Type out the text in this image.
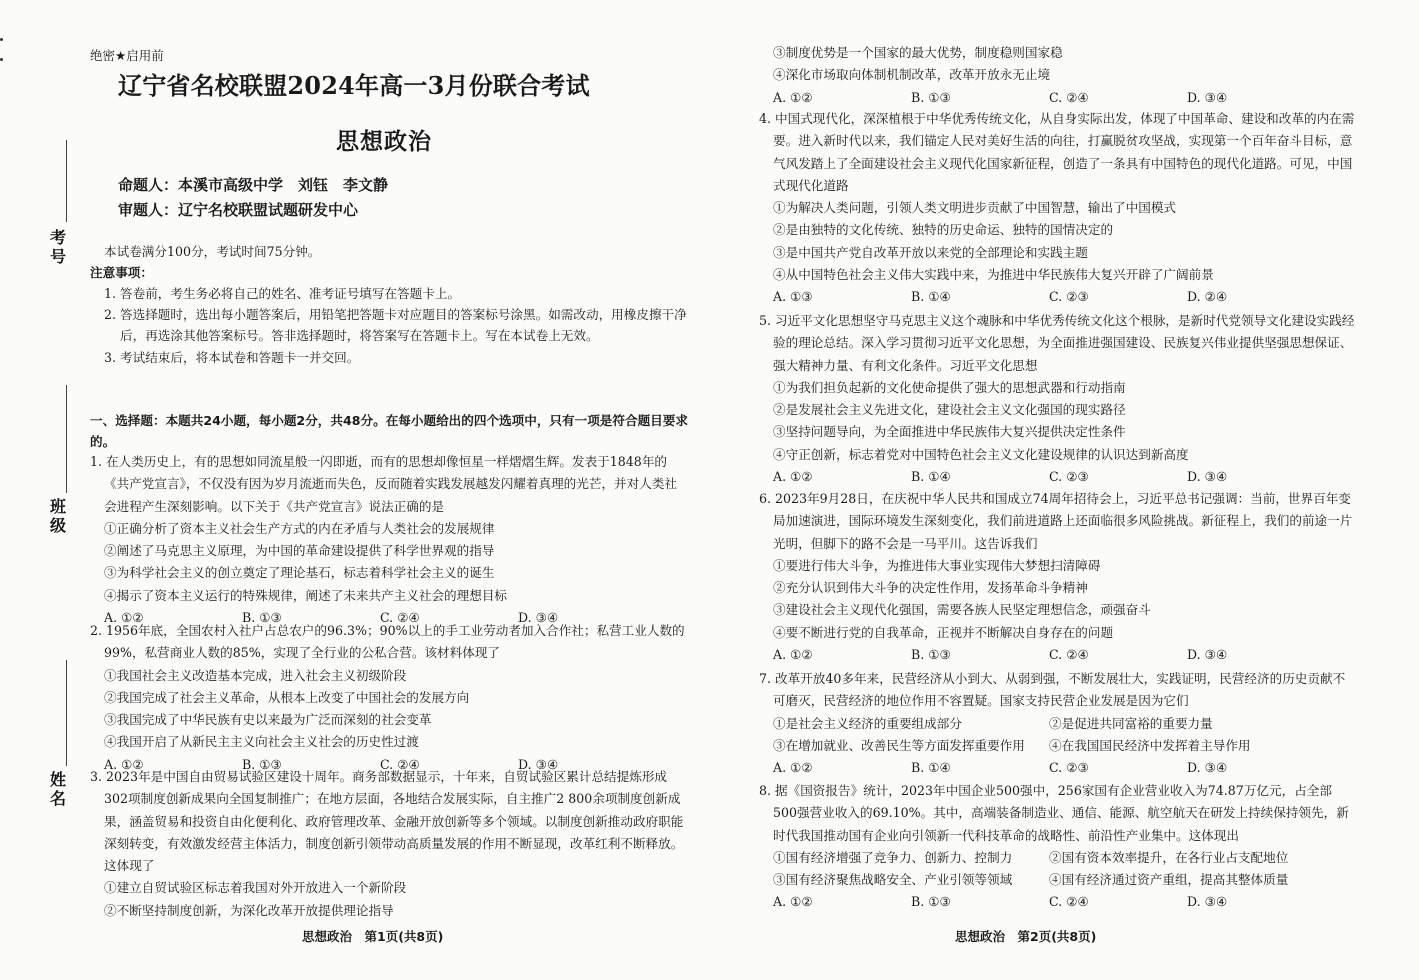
考号
班级
姓名
绝密★启用前
辽宁省名校联盟2024年高一3月份联合考试
思想政治
命题人：本溪市高级中学　刘钰　李文静
审题人：辽宁名校联盟试题研发中心
本试卷满分100分，考试时间75分钟。
注意事项：

1. 答卷前，考生务必将自己的姓名、准考证号填写在答题卡上。

2. 答选择题时，选出每小题答案后，用铅笔把答题卡对应题目的答案标号涂黑。如需改动，用橡皮擦干净后，再选涂其他答案标号。答非选择题时，将答案写在答题卡上。写在本试卷上无效。

3. 考试结束后，将本试卷和答题卡一并交回。

一、选择题：本题共24小题，每小题2分，共48分。在每小题给出的四个选项中，只有一项是符合题目要求的。

1. 在人类历史上，有的思想如同流星般一闪即逝，而有的思想却像恒星一样熠熠生辉。发表于1848年的《共产党宣言》，不仅没有因为岁月流逝而失色，反而随着实践发展越发闪耀着真理的光芒，并对人类社会进程产生深刻影响。以下关于《共产党宣言》说法正确的是

①正确分析了资本主义社会生产方式的内在矛盾与人类社会的发展规律

②阐述了马克思主义原理，为中国的革命建设提供了科学世界观的指导

③为科学社会主义的创立奠定了理论基石，标志着科学社会主义的诞生

④揭示了资本主义运行的特殊规律，阐述了未来共产主义社会的理想目标

A. ①②	B. ①③	C. ②④	D. ③④

2. 1956年底，全国农村入社户占总农户的96.3%；90%以上的手工业劳动者加入合作社；私营工业人数的99%，私营商业人数的85%，实现了全行业的公私合营。该材料体现了

①我国社会主义改造基本完成，进入社会主义初级阶段

②我国完成了社会主义革命，从根本上改变了中国社会的发展方向

③我国完成了中华民族有史以来最为广泛而深刻的社会变革

④我国开启了从新民主主义向社会主义社会的历史性过渡

A. ①②	B. ①③	C. ②④	D. ③④

3. 2023年是中国自由贸易试验区建设十周年。商务部数据显示，十年来，自贸试验区累计总结提炼形成302项制度创新成果向全国复制推广；在地方层面，各地结合发展实际，自主推广2 800余项制度创新成果，涵盖贸易和投资自由化便利化、政府管理改革、金融开放创新等多个领域。以制度创新推动政府职能深刻转变，有效激发经营主体活力，制度创新引领带动高质量发展的作用不断显现，改革红利不断释放。这体现了

①建立自贸试验区标志着我国对外开放进入一个新阶段

②不断坚持制度创新，为深化改革开放提供理论指导

思想政治　第1页(共8页)

③制度优势是一个国家的最大优势，制度稳则国家稳

④深化市场取向体制机制改革，改革开放永无止境

A. ①②	B. ①③	C. ②④	D. ③④

4. 中国式现代化，深深植根于中华优秀传统文化，从自身实际出发，体现了中国革命、建设和改革的内在需要。进入新时代以来，我们锚定人民对美好生活的向往，打赢脱贫攻坚战，实现第一个百年奋斗目标，意气风发踏上了全面建设社会主义现代化国家新征程，创造了一条具有中国特色的现代化道路。可见，中国式现代化道路

①为解决人类问题，引领人类文明进步贡献了中国智慧，输出了中国模式

②是由独特的文化传统、独特的历史命运、独特的国情决定的

③是中国共产党自改革开放以来党的全部理论和实践主题

④从中国特色社会主义伟大实践中来，为推进中华民族伟大复兴开辟了广阔前景

A. ①③	B. ①④	C. ②③	D. ②④

5. 习近平文化思想坚守马克思主义这个魂脉和中华优秀传统文化这个根脉，是新时代党领导文化建设实践经验的理论总结。深入学习贯彻习近平文化思想，为全面推进强国建设、民族复兴伟业提供坚强思想保证、强大精神力量、有利文化条件。习近平文化思想

①为我们担负起新的文化使命提供了强大的思想武器和行动指南

②是发展社会主义先进文化，建设社会主义文化强国的现实路径

③坚持问题导向，为全面推进中华民族伟大复兴提供决定性条件

④守正创新，标志着党对中国特色社会主义文化建设规律的认识达到新高度

A. ①②	B. ①④	C. ②③	D. ③④

6. 2023年9月28日，在庆祝中华人民共和国成立74周年招待会上，习近平总书记强调：当前，世界百年变局加速演进，国际环境发生深刻变化，我们前进道路上还面临很多风险挑战。新征程上，我们的前途一片光明，但脚下的路不会是一马平川。这告诉我们

①要进行伟大斗争，为推进伟大事业实现伟大梦想扫清障碍

②充分认识到伟大斗争的决定性作用，发扬革命斗争精神

③建设社会主义现代化强国，需要各族人民坚定理想信念，顽强奋斗

④要不断进行党的自我革命，正视并不断解决自身存在的问题

A. ①②	B. ①③	C. ②④	D. ③④

7. 改革开放40多年来，民营经济从小到大、从弱到强，不断发展壮大，实践证明，民营经济的历史贡献不可磨灭，民营经济的地位作用不容置疑。国家支持民营企业发展是因为它们

①是社会主义经济的重要组成部分	②是促进共同富裕的重要力量
③在增加就业、改善民生等方面发挥重要作用	④在我国国民经济中发挥着主导作用
A. ①②	B. ①④	C. ②③	D. ③④

8. 据《国资报告》统计，2023年中国企业500强中，256家国有企业营业收入为74.87万亿元，占全部500强营业收入的69.10%。其中，高端装备制造业、通信、能源、航空航天在研发上持续保持领先，新时代我国推动国有企业向引领新一代科技革命的战略性、前沿性产业集中。这体现出

①国有经济增强了竞争力、创新力、控制力	②国有资本效率提升，在各行业占支配地位
③国有经济聚焦战略安全、产业引领等领域	④国有经济通过资产重组，提高其整体质量
A. ①②	B. ①③	C. ②④	D. ③④
思想政治　第2页(共8页)
